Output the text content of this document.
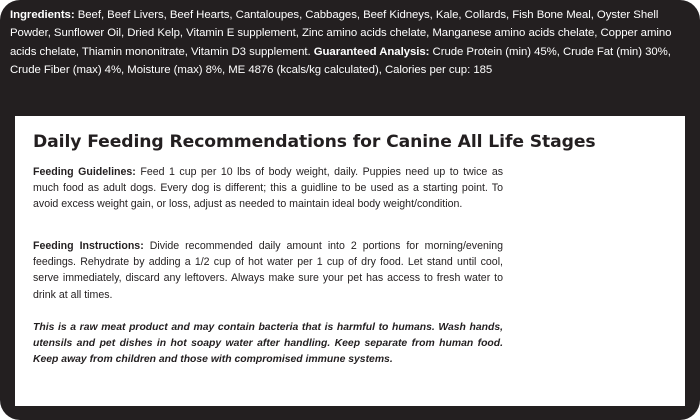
Ingredients: Beef, Beef Livers, Beef Hearts, Cantaloupes, Cabbages, Beef Kidneys, Kale, Collards, Fish Bone Meal, Oyster Shell Powder, Sunflower Oil, Dried Kelp, Vitamin E supplement, Zinc amino acids chelate, Manganese amino acids chelate, Copper amino acids chelate, Thiamin mononitrate, Vitamin D3 supplement. Guaranteed Analysis: Crude Protein (min) 45%, Crude Fat (min) 30%, Crude Fiber (max) 4%, Moisture (max) 8%, ME 4876 (kcals/kg calculated), Calories per cup: 185

Daily Feeding Recommendations for Canine All Life Stages

Feeding Guidelines: Feed 1 cup per 10 lbs of body weight, daily. Puppies need up to twice as much food as adult dogs. Every dog is different; this a guidline to be used as a starting point. To avoid excess weight gain, or loss, adjust as needed to maintain ideal body weight/condition.

Feeding Instructions: Divide recommended daily amount into 2 portions for morning/evening feedings. Rehydrate by adding a 1/2 cup of hot water per 1 cup of dry food. Let stand until cool, serve immediately, discard any leftovers. Always make sure your pet has access to fresh water to drink at all times.

This is a raw meat product and may contain bacteria that is harmful to humans. Wash hands, utensils and pet dishes in hot soapy water after handling. Keep separate from human food. Keep away from children and those with compromised immune systems.
